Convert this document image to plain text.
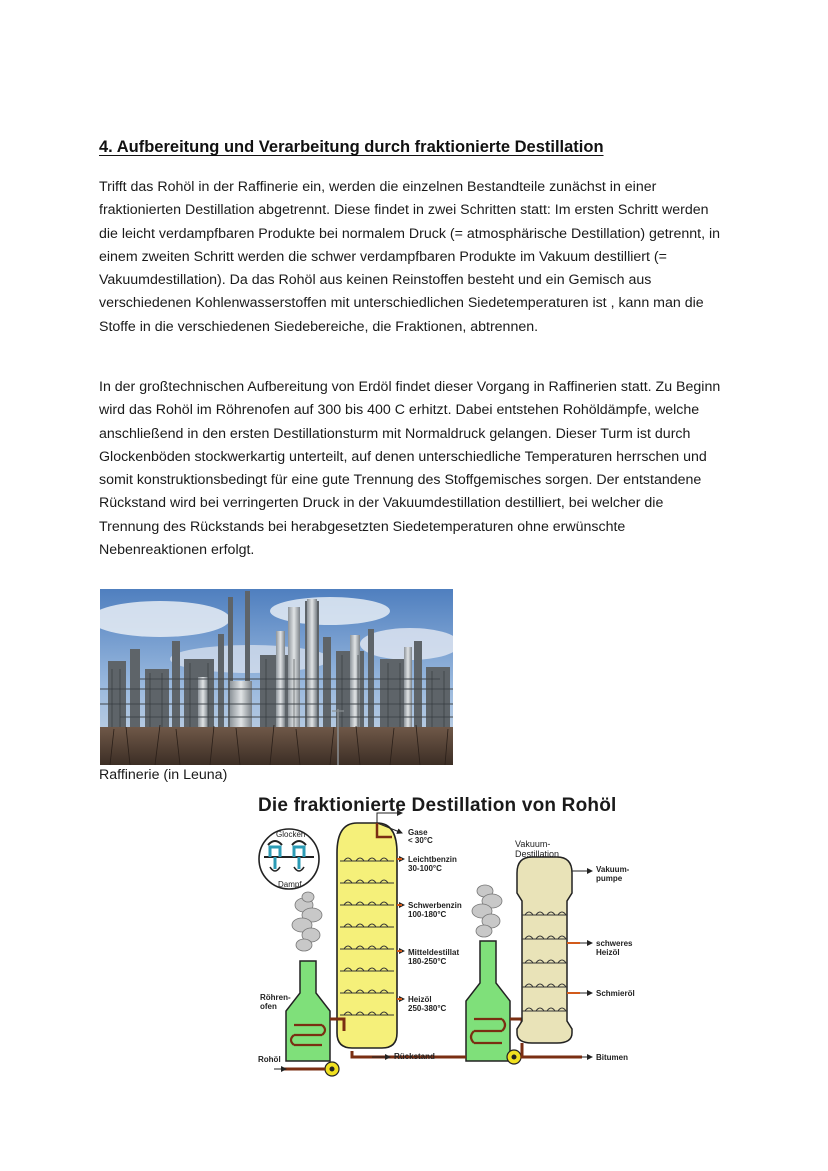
4. Aufbereitung und Verarbeitung durch fraktionierte Destillation

Trifft das Rohöl in der Raffinerie ein, werden die einzelnen Bestandteile zunächst in einer fraktionierten Destillation abgetrennt. Diese findet in zwei Schritten statt: Im ersten Schritt werden die leicht verdampfbaren Produkte bei normalem Druck (= atmosphärische Destillation) getrennt, in einem zweiten Schritt werden die schwer verdampfbaren Produkte im Vakuum destilliert (= Vakuumdestillation). Da das Rohöl aus keinen Reinstoffen besteht und ein Gemisch aus verschiedenen Kohlenwasserstoffen mit unterschiedlichen Siedetemperaturen ist , kann man die Stoffe in die verschiedenen Siedebereiche, die Fraktionen, abtrennen.

In der großtechnischen Aufbereitung von Erdöl findet dieser Vorgang in Raffinerien statt. Zu Beginn wird das Rohöl im Röhrenofen auf 300 bis 400 C erhitzt. Dabei entstehen Rohöldämpfe, welche anschließend in den ersten Destillationsturm mit Normaldruck gelangen. Dieser Turm ist durch Glockenböden stockwerkartig unterteilt, auf denen unterschiedliche Temperaturen herrschen und somit konstruktionsbedingt für eine gute Trennung des Stoffgemisches sorgen. Der entstandene Rückstand wird bei verringerten Druck in der Vakuumdestillation destilliert, bei welcher die Trennung des Rückstands bei herabgesetzten Siedetemperaturen ohne erwünschte Nebenreaktionen erfolgt.

Raffinerie (in Leuna)

Die fraktionierte Destillation von Rohöl

Glocken
Dampf
Gase
< 30°C
Leichtbenzin
30-100°C
Schwerbenzin
100-180°C
Mitteldestillat
180-250°C
Heizöl
250-380°C
Röhren-
ofen
Rohöl	Rückstand
Vakuum-
Destillation
Vakuum-
pumpe
schweres
Heizöl
Schmieröl
Bitumen
